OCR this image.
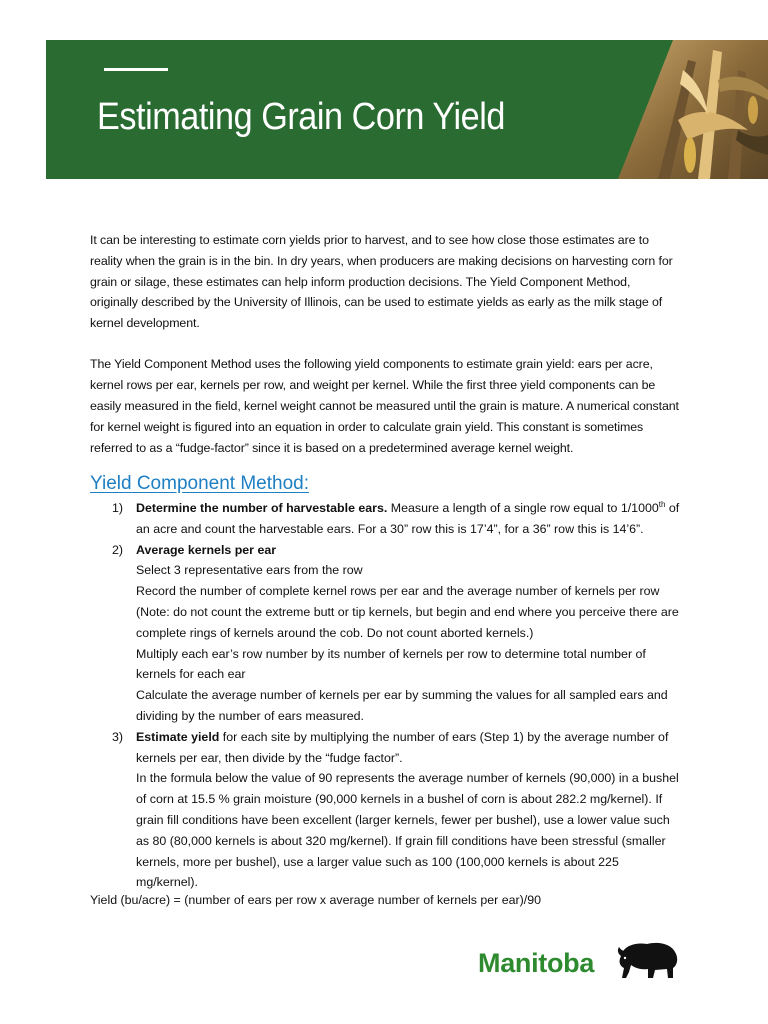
Estimating Grain Corn Yield

It can be interesting to estimate corn yields prior to harvest, and to see how close those estimates are to reality when the grain is in the bin. In dry years, when producers are making decisions on harvesting corn for grain or silage, these estimates can help inform production decisions. The Yield Component Method, originally described by the University of Illinois, can be used to estimate yields as early as the milk stage of kernel development.

The Yield Component Method uses the following yield components to estimate grain yield: ears per acre, kernel rows per ear, kernels per row, and weight per kernel. While the first three yield components can be easily measured in the field, kernel weight cannot be measured until the grain is mature. A numerical constant for kernel weight is figured into an equation in order to calculate grain yield. This constant is sometimes referred to as a “fudge-factor” since it is based on a predetermined average kernel weight.

Yield Component Method:
1) Determine the number of harvestable ears. Measure a length of a single row equal to 1/1000th of an acre and count the harvestable ears. For a 30” row this is 17’4”, for a 36” row this is 14’6”.
2) Average kernels per ear
Select 3 representative ears from the row
Record the number of complete kernel rows per ear and the average number of kernels per row (Note: do not count the extreme butt or tip kernels, but begin and end where you perceive there are complete rings of kernels around the cob. Do not count aborted kernels.)
Multiply each ear’s row number by its number of kernels per row to determine total number of kernels for each ear
Calculate the average number of kernels per ear by summing the values for all sampled ears and dividing by the number of ears measured.
3) Estimate yield for each site by multiplying the number of ears (Step 1) by the average number of kernels per ear, then divide by the “fudge factor”.
In the formula below the value of 90 represents the average number of kernels (90,000) in a bushel of corn at 15.5 % grain moisture (90,000 kernels in a bushel of corn is about 282.2 mg/kernel). If grain fill conditions have been excellent (larger kernels, fewer per bushel), use a lower value such as 80 (80,000 kernels is about 320 mg/kernel). If grain fill conditions have been stressful (smaller kernels, more per bushel), use a larger value such as 100 (100,000 kernels is about 225 mg/kernel).
Yield (bu/acre) = (number of ears per row x average number of kernels per ear)/90
Manitoba
